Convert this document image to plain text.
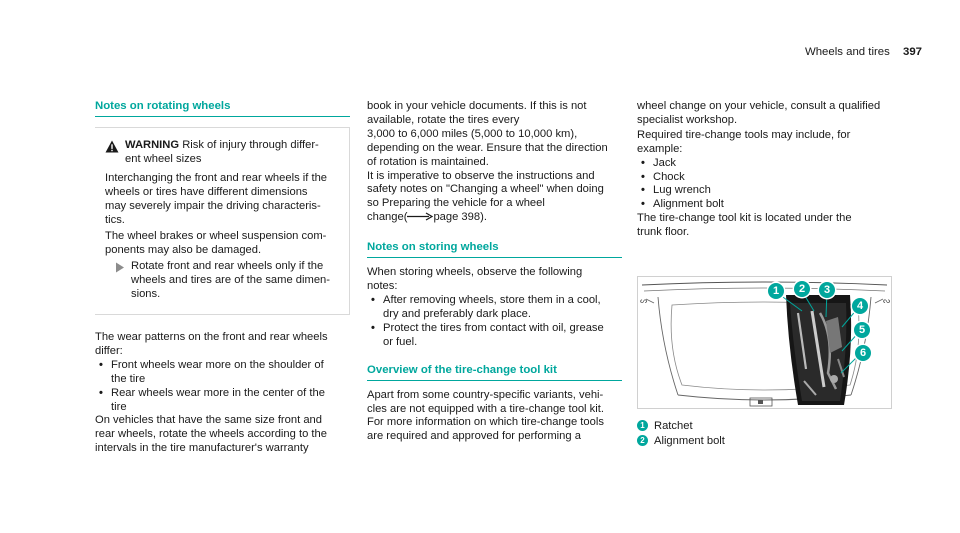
Wheels and tires 397
Notes on rotating wheels

WARNING Risk of injury through differ-

ent wheel sizes

Interchanging the front and rear wheels if the

wheels or tires have different dimensions

may severely impair the driving characteris-

tics.

The wheel brakes or wheel suspension com-

ponents may also be damaged.

Rotate front and rear wheels only if the

wheels and tires are of the same dimen-

sions.

The wear patterns on the front and rear wheels

differ:

• Front wheels wear more on the shoulder of
the tire
• Rear wheels wear more in the center of the
tire

On vehicles that have the same size front and

rear wheels, rotate the wheels according to the

intervals in the tire manufacturer's warranty

book in your vehicle documents. If this is not

available, rotate the tires every

3,000 to 6,000 miles (5,000 to 10,000 km),

depending on the wear. Ensure that the direction

of rotation is maintained.

It is imperative to observe the instructions and

safety notes on "Changing a wheel" when doing

so Preparing the vehicle for a wheel

change( page 398).

Notes on storing wheels

When storing wheels, observe the following

notes:

• After removing wheels, store them in a cool,
dry and preferably dark place.
• Protect the tires from contact with oil, grease
or fuel.
Overview of the tire-change tool kit

Apart from some country-specific variants, vehi-

cles are not equipped with a tire-change tool kit.

For more information on which tire-change tools

are required and approved for performing a

wheel change on your vehicle, consult a qualified

specialist workshop.

Required tire-change tools may include, for

example:

• Jack
• Chock
• Lug wrench
• Alignment bolt

The tire-change tool kit is located under the

trunk floor.

ᔕ	ᔓ
1	2	3
4
5
6

1 Ratchet

2 Alignment bolt
